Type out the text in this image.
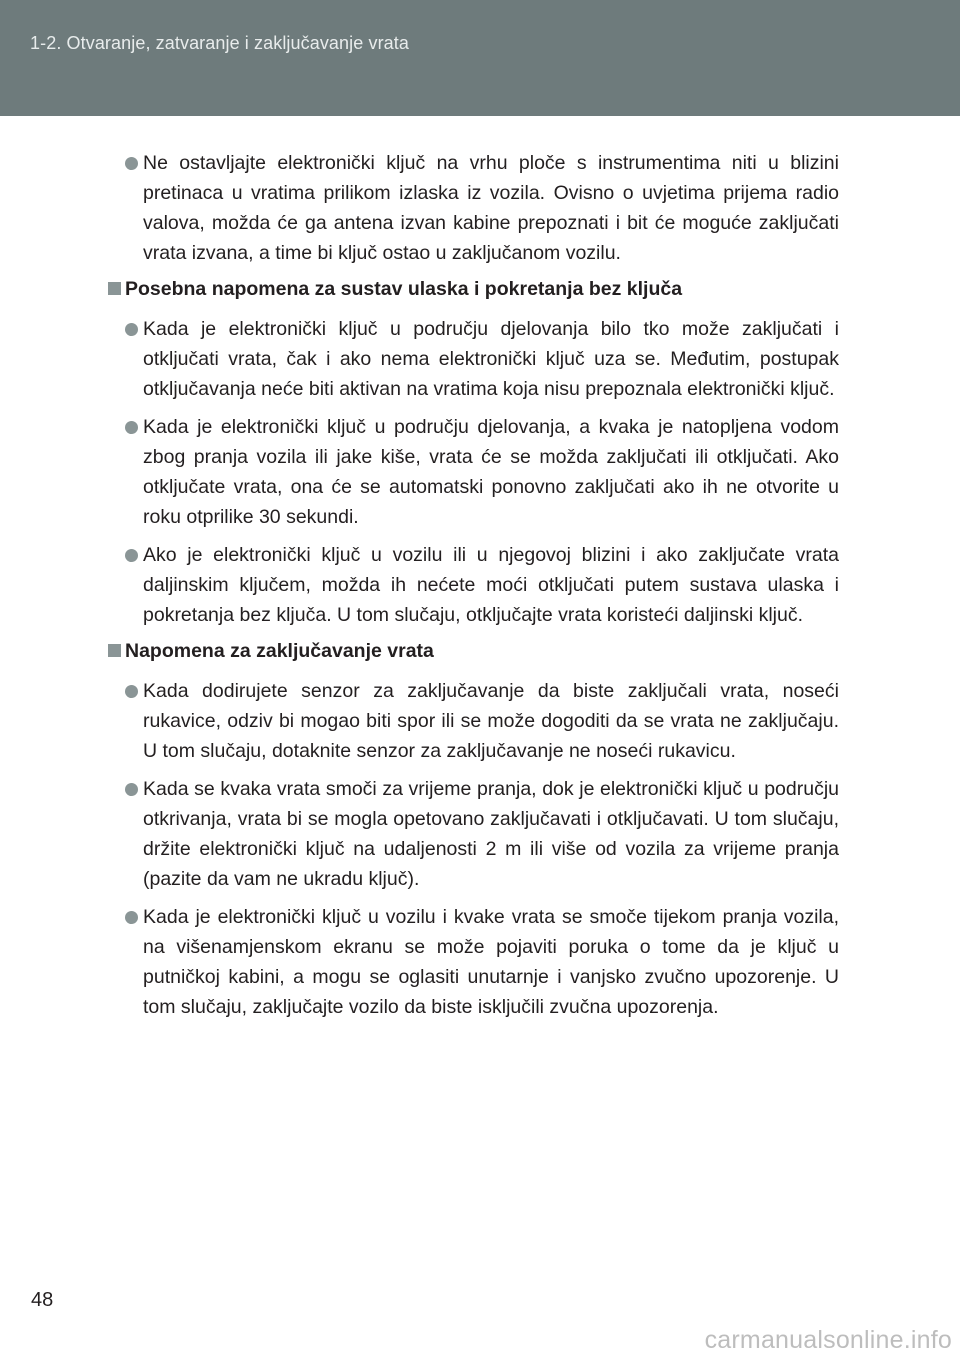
1-2. Otvaranje, zatvaranje i zaključavanje vrata
Ne ostavljajte elektronički ključ na vrhu ploče s instrumentima niti u blizini pretinaca u vratima prilikom izlaska iz vozila. Ovisno o uvjetima prijema radio valova, možda će ga antena izvan kabine prepoznati i bit će moguće zaključati vrata izvana, a time bi ključ ostao u zaključanom vozilu.
Posebna napomena za sustav ulaska i pokretanja bez ključa
Kada je elektronički ključ u području djelovanja bilo tko može zaključati i otključati vrata, čak i ako nema elektronički ključ uza se. Međutim, postupak otključavanja neće biti aktivan na vratima koja nisu prepoznala elektronički ključ.
Kada je elektronički ključ u području djelovanja, a kvaka je natopljena vodom zbog pranja vozila ili jake kiše, vrata će se možda zaključati ili otključati. Ako otključate vrata, ona će se automatski ponovno zaključati ako ih ne otvorite u roku otprilike 30 sekundi.
Ako je elektronički ključ u vozilu ili u njegovoj blizini i ako zaključate vrata daljinskim ključem, možda ih nećete moći otključati putem sustava ulaska i pokretanja bez ključa. U tom slučaju, otključajte vrata koristeći daljinski ključ.
Napomena za zaključavanje vrata
Kada dodirujete senzor za zaključavanje da biste zaključali vrata, noseći rukavice, odziv bi mogao biti spor ili se može dogoditi da se vrata ne zaključaju. U tom slučaju, dotaknite senzor za zaključavanje ne noseći rukavicu.
Kada se kvaka vrata smoči za vrijeme pranja, dok je elektronički ključ u području otkrivanja, vrata bi se mogla opetovano zaključavati i otključavati. U tom slučaju, držite elektronički ključ na udaljenosti 2 m ili više od vozila za vrijeme pranja (pazite da vam ne ukradu ključ).
Kada je elektronički ključ u vozilu i kvake vrata se smoče tijekom pranja vozila, na višenamjenskom ekranu se može pojaviti poruka o tome da je ključ u putničkoj kabini, a mogu se oglasiti unutarnje i vanjsko zvučno upozorenje. U tom slučaju, zaključajte vozilo da biste isključili zvučna upozorenja.
48
carmanualsonline.info
